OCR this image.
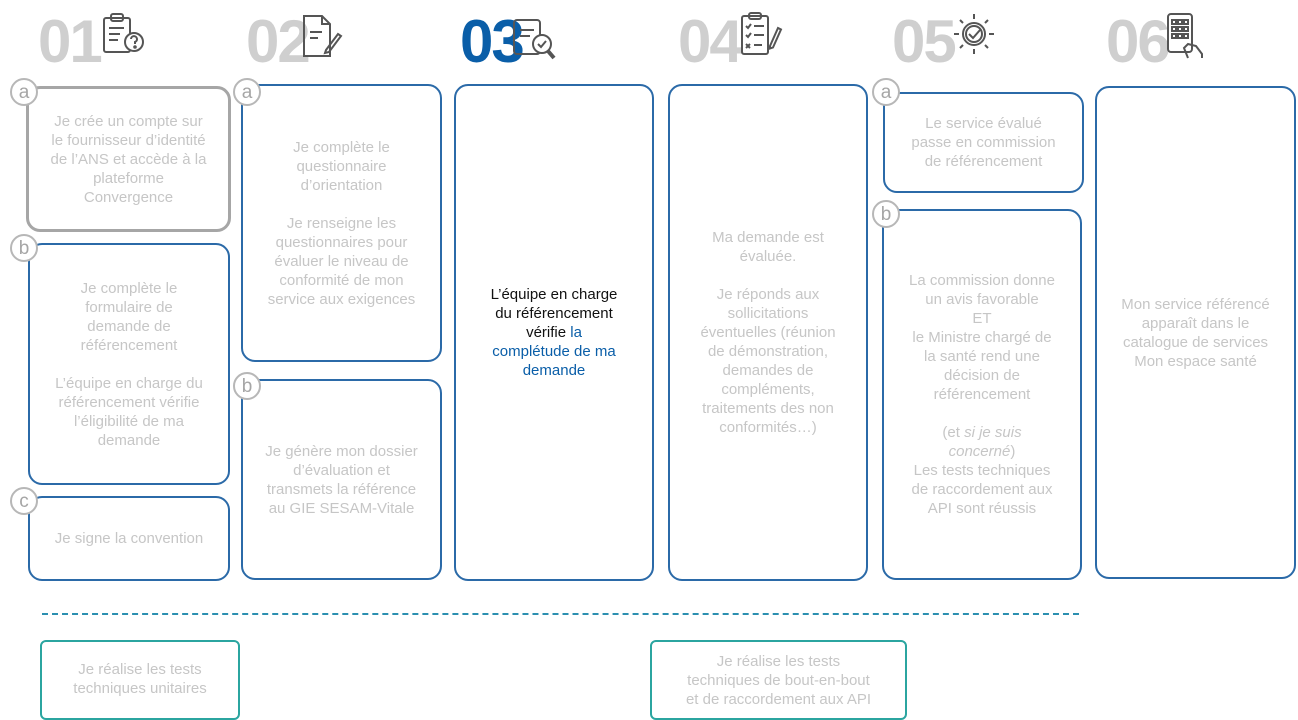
01 02	03	04	05	06
Je crée un compte sur
le fournisseur d’identité
de l’ANS et accède à la
plateforme
Convergence
a
Je complète le
formulaire de
demande de
référencement

L’équipe en charge du
référencement vérifie
l’éligibilité de ma
demande
b
Je signe la convention
c
Je complète le
questionnaire
d’orientation

Je renseigne les
questionnaires pour
évaluer le niveau de
conformité de mon
service aux exigences
a
Je génère mon dossier
d’évaluation et
transmets la référence
au GIE SESAM-Vitale
b
L’équipe en charge
du référencement
vérifie la
complétude de ma
demande
Ma demande est
évaluée.

Je réponds aux
sollicitations
éventuelles (réunion
de démonstration,
demandes de
compléments,
traitements des non
conformités…)
Le service évalué
passe en commission
de référencement
a
La commission donne
un avis favorable
ET
le Ministre chargé de
la santé rend une
décision de
référencement

(et si je suis
concerné)
Les tests techniques
de raccordement aux
API sont réussis
b
Mon service référencé
apparaît dans le
catalogue de services
Mon espace santé
Je réalise les tests
techniques unitaires
Je réalise les tests
techniques de bout-en-bout
et de raccordement aux API
